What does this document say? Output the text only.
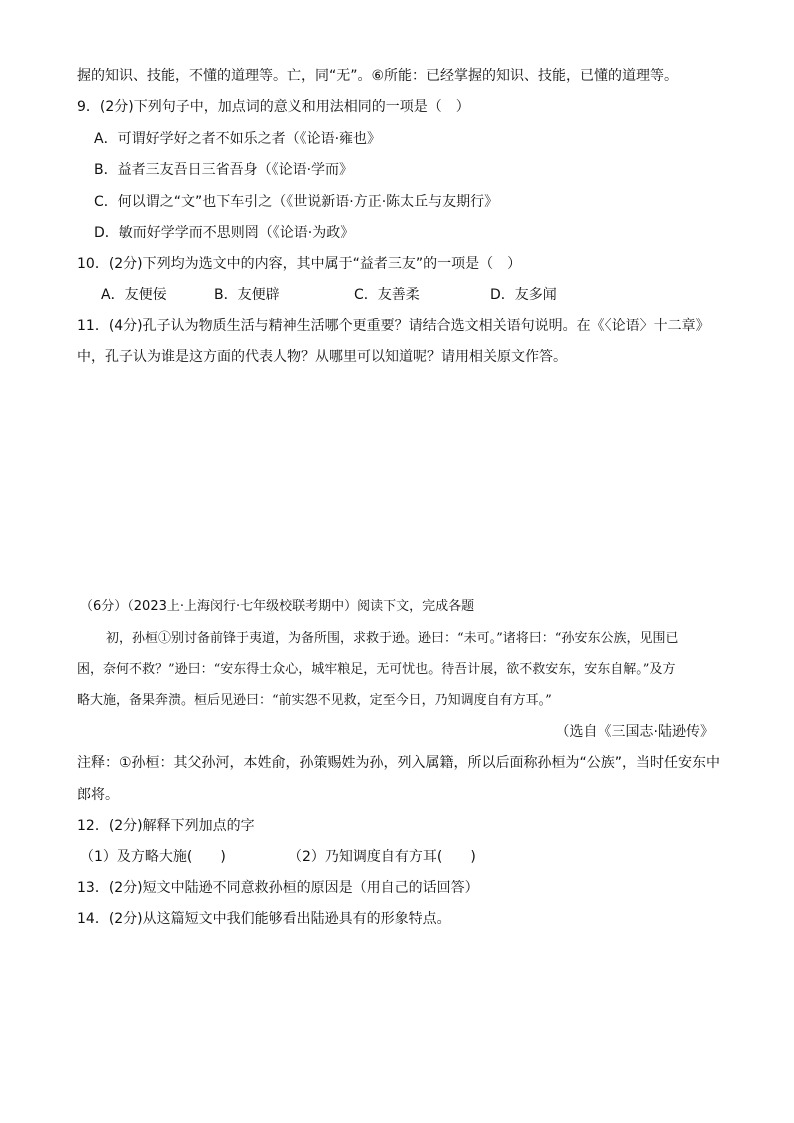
握的知识、技能，不懂的道理等。亡，同“无”。⑥所能：已经掌握的知识、技能，已懂的道理等。
9．(2分)下列句子中，加点词的意义和用法相同的一项是（　）
A．可谓好学好之者不如乐之者（《论语·雍也》
B．益者三友吾日三省吾身（《论语·学而》
C．何以谓之“文”也下车引之（《世说新语·方正·陈太丘与友期行》
D．敏而好学学而不思则罔（《论语·为政》
10．(2分)下列均为选文中的内容，其中属于“益者三友”的一项是（　）
A．友便佞	B．友便辟	C．友善柔	D．友多闻
11．(4分)孔子认为物质生活与精神生活哪个更重要？请结合选文相关语句说明。在《〈论语〉十二章》
中，孔子认为谁是这方面的代表人物？从哪里可以知道呢？请用相关原文作答。
（6分）（2023上·上海闵行·七年级校联考期中）阅读下文，完成各题
初，孙桓①别讨备前锋于夷道，为备所围，求救于逊。逊曰：“未可。”诸将曰：“孙安东公族，见围已
困，奈何不救？”逊曰：“安东得士众心，城牢粮足，无可忧也。待吾计展，欲不救安东，安东自解。”及方
略大施，备果奔溃。桓后见逊曰：“前实怨不见救，定至今日，乃知调度自有方耳。”
（选自《三国志·陆逊传》
注释：①孙桓：其父孙河，本姓俞，孙策赐姓为孙，列入属籍，所以后面称孙桓为“公族”，当时任安东中
郎将。
12．(2分)解释下列加点的字
（1）及方略大施(　　)	（2）乃知调度自有方耳(　　)
13．(2分)短文中陆逊不同意救孙桓的原因是（用自己的话回答）
14．(2分)从这篇短文中我们能够看出陆逊具有的形象特点。
